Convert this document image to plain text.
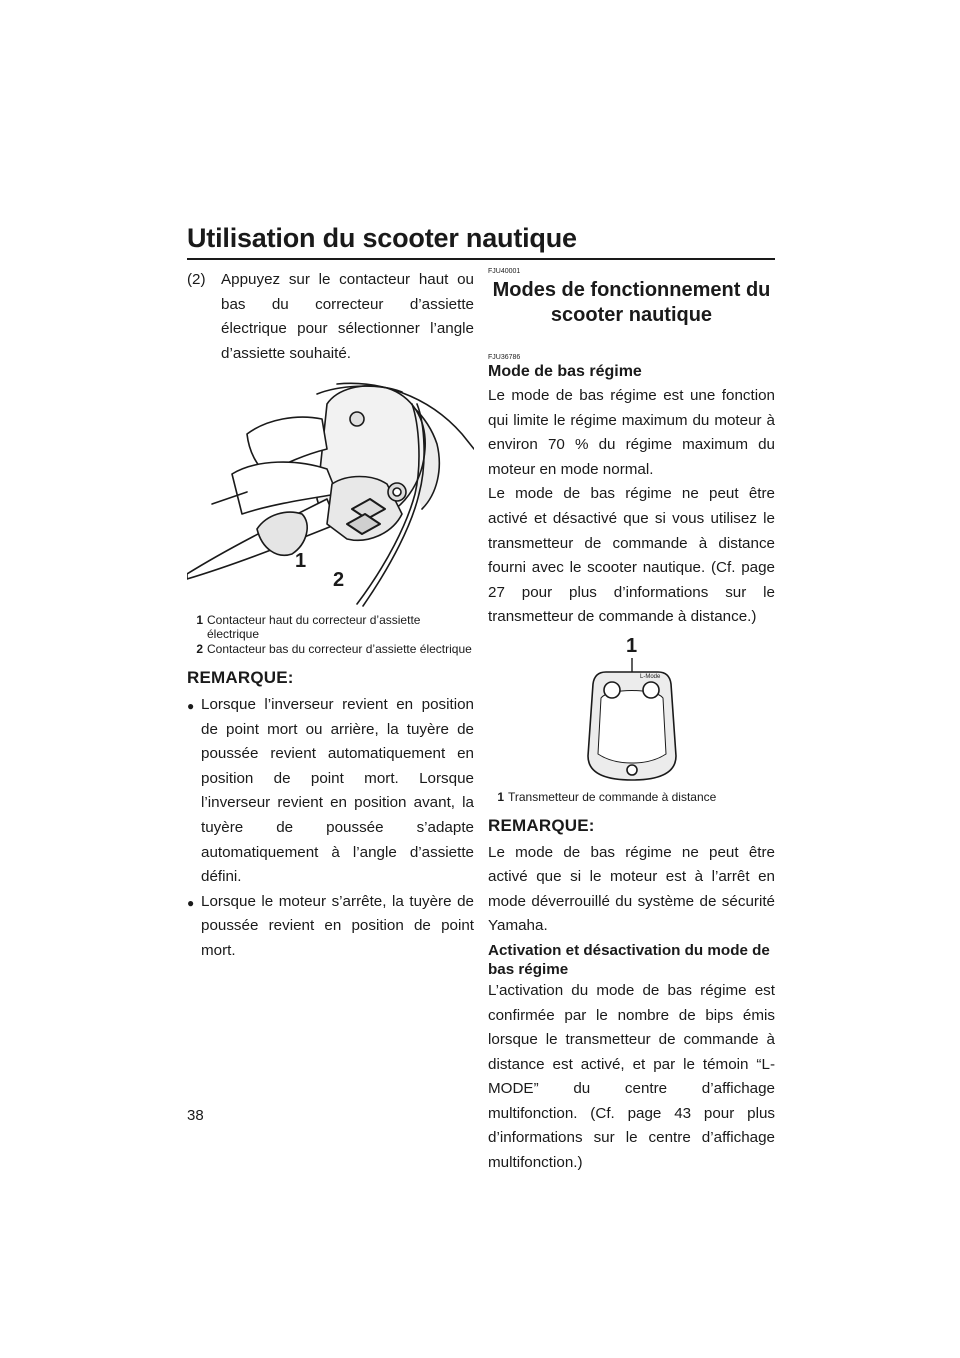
Utilisation du scooter nautique
(2)	Appuyez sur le contacteur haut ou bas du correcteur d’assiette électrique pour sélectionner l’angle d’assiette souhaité.
1
2
1 Contacteur haut du correcteur d’assiette électrique
2 Contacteur bas du correcteur d’assiette électrique
REMARQUE:
● Lorsque l’inverseur revient en position de point mort ou arrière, la tuyère de poussée revient automatiquement en position de point mort. Lorsque l’inverseur revient en position avant, la tuyère de poussée s’adapte automatiquement à l’angle d’assiette défini.
● Lorsque le moteur s’arrête, la tuyère de poussée revient en position de point mort.
FJU40001
Modes de fonctionnement du scooter nautique
FJU36786
Mode de bas régime

Le mode de bas régime est une fonction qui limite le régime maximum du moteur à environ 70 % du régime maximum du moteur en mode normal.

Le mode de bas régime ne peut être activé et désactivé que si vous utilisez le transmetteur de commande à distance fourni avec le scooter nautique. (Cf. page 27 pour plus d’informations sur le transmetteur de commande à distance.)

1
L-Mode
1 Transmetteur de commande à distance
REMARQUE:

Le mode de bas régime ne peut être activé que si le moteur est à l’arrêt en mode déverrouillé du système de sécurité Yamaha.

Activation et désactivation du mode de bas régime

L’activation du mode de bas régime est confirmée par le nombre de bips émis lorsque le transmetteur de commande à distance est activé, et par le témoin “L-MODE” du centre d’affichage multifonction. (Cf. page 43 pour plus d’informations sur le centre d’affichage multifonction.)

38
